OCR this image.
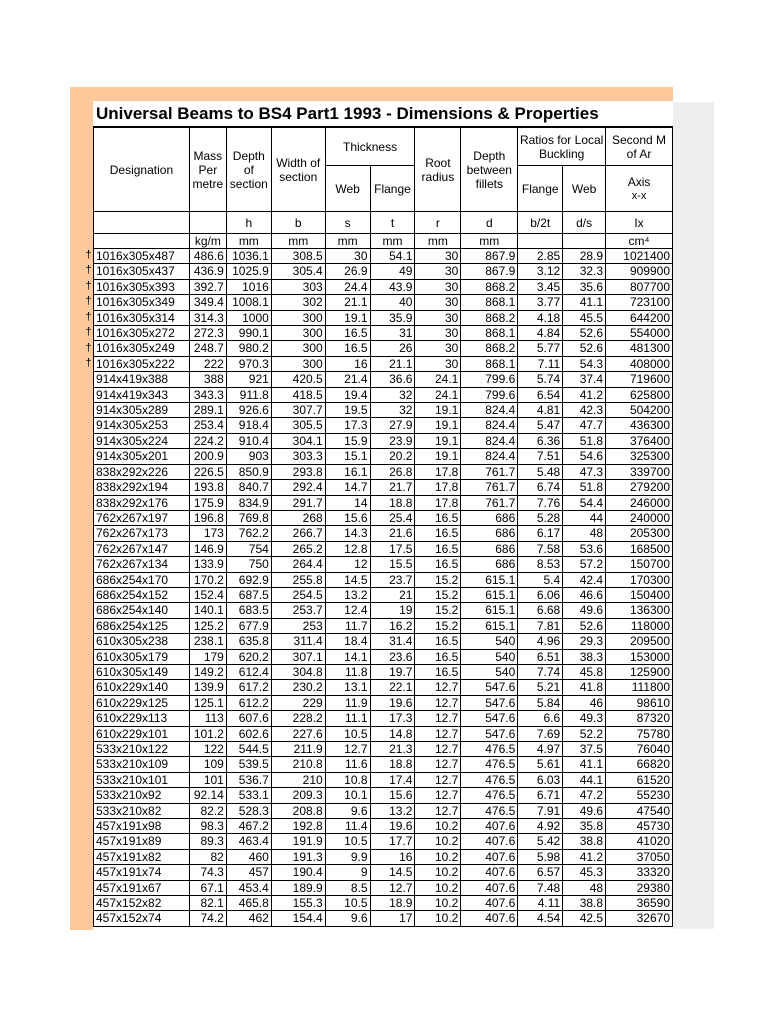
†
†
†
†
†
†
†
†
Universal Beams to BS4 Part1 1993 - Dimensions & Properties
Designation	Mass Per metre	Depth of section	Width of section	Thickness		Root radius	Depth between fillets	Ratios for Local Buckling		Second M of Ar
				Web	Flange			Flange	Web	Axis
x-x

		h	b	s	t	r	d	b/2t	d/s	Ix
	kg/m	mm	mm	mm	mm	mm	mm			cm⁴
1016x305x487	486.6	1036.1	308.5	30	54.1	30	867.9	2.85	28.9	1021400
1016x305x437	436.9	1025.9	305.4	26.9	49	30	867.9	3.12	32.3	909900
1016x305x393	392.7	1016	303	24.4	43.9	30	868.2	3.45	35.6	807700
1016x305x349	349.4	1008.1	302	21.1	40	30	868.1	3.77	41.1	723100
1016x305x314	314.3	1000	300	19.1	35.9	30	868.2	4.18	45.5	644200
1016x305x272	272.3	990.1	300	16.5	31	30	868.1	4.84	52.6	554000
1016x305x249	248.7	980.2	300	16.5	26	30	868.2	5.77	52.6	481300
1016x305x222	222	970.3	300	16	21.1	30	868.1	7.11	54.3	408000
914x419x388	388	921	420.5	21.4	36.6	24.1	799.6	5.74	37.4	719600
914x419x343	343.3	911.8	418.5	19.4	32	24.1	799.6	6.54	41.2	625800
914x305x289	289.1	926.6	307.7	19.5	32	19.1	824.4	4.81	42.3	504200
914x305x253	253.4	918.4	305.5	17.3	27.9	19.1	824.4	5.47	47.7	436300
914x305x224	224.2	910.4	304.1	15.9	23.9	19.1	824.4	6.36	51.8	376400
914x305x201	200.9	903	303.3	15.1	20.2	19.1	824.4	7.51	54.6	325300
838x292x226	226.5	850.9	293.8	16.1	26.8	17.8	761.7	5.48	47.3	339700
838x292x194	193.8	840.7	292.4	14.7	21.7	17.8	761.7	6.74	51.8	279200
838x292x176	175.9	834.9	291.7	14	18.8	17.8	761.7	7.76	54.4	246000
762x267x197	196.8	769.8	268	15.6	25.4	16.5	686	5.28	44	240000
762x267x173	173	762.2	266.7	14.3	21.6	16.5	686	6.17	48	205300
762x267x147	146.9	754	265.2	12.8	17.5	16.5	686	7.58	53.6	168500
762x267x134	133.9	750	264.4	12	15.5	16.5	686	8.53	57.2	150700
686x254x170	170.2	692.9	255.8	14.5	23.7	15.2	615.1	5.4	42.4	170300
686x254x152	152.4	687.5	254.5	13.2	21	15.2	615.1	6.06	46.6	150400
686x254x140	140.1	683.5	253.7	12.4	19	15.2	615.1	6.68	49.6	136300
686x254x125	125.2	677.9	253	11.7	16.2	15.2	615.1	7.81	52.6	118000
610x305x238	238.1	635.8	311.4	18.4	31.4	16.5	540	4.96	29.3	209500
610x305x179	179	620.2	307.1	14.1	23.6	16.5	540	6.51	38.3	153000
610x305x149	149.2	612.4	304.8	11.8	19.7	16.5	540	7.74	45.8	125900
610x229x140	139.9	617.2	230.2	13.1	22.1	12.7	547.6	5.21	41.8	111800
610x229x125	125.1	612.2	229	11.9	19.6	12.7	547.6	5.84	46	98610
610x229x113	113	607.6	228.2	11.1	17.3	12.7	547.6	6.6	49.3	87320
610x229x101	101.2	602.6	227.6	10.5	14.8	12.7	547.6	7.69	52.2	75780
533x210x122	122	544.5	211.9	12.7	21.3	12.7	476.5	4.97	37.5	76040
533x210x109	109	539.5	210.8	11.6	18.8	12.7	476.5	5.61	41.1	66820
533x210x101	101	536.7	210	10.8	17.4	12.7	476.5	6.03	44.1	61520
533x210x92	92.14	533.1	209.3	10.1	15.6	12.7	476.5	6.71	47.2	55230
533x210x82	82.2	528.3	208.8	9.6	13.2	12.7	476.5	7.91	49.6	47540
457x191x98	98.3	467.2	192.8	11.4	19.6	10.2	407.6	4.92	35.8	45730
457x191x89	89.3	463.4	191.9	10.5	17.7	10.2	407.6	5.42	38.8	41020
457x191x82	82	460	191.3	9.9	16	10.2	407.6	5.98	41.2	37050
457x191x74	74.3	457	190.4	9	14.5	10.2	407.6	6.57	45.3	33320
457x191x67	67.1	453.4	189.9	8.5	12.7	10.2	407.6	7.48	48	29380
457x152x82	82.1	465.8	155.3	10.5	18.9	10.2	407.6	4.11	38.8	36590
457x152x74	74.2	462	154.4	9.6	17	10.2	407.6	4.54	42.5	32670
